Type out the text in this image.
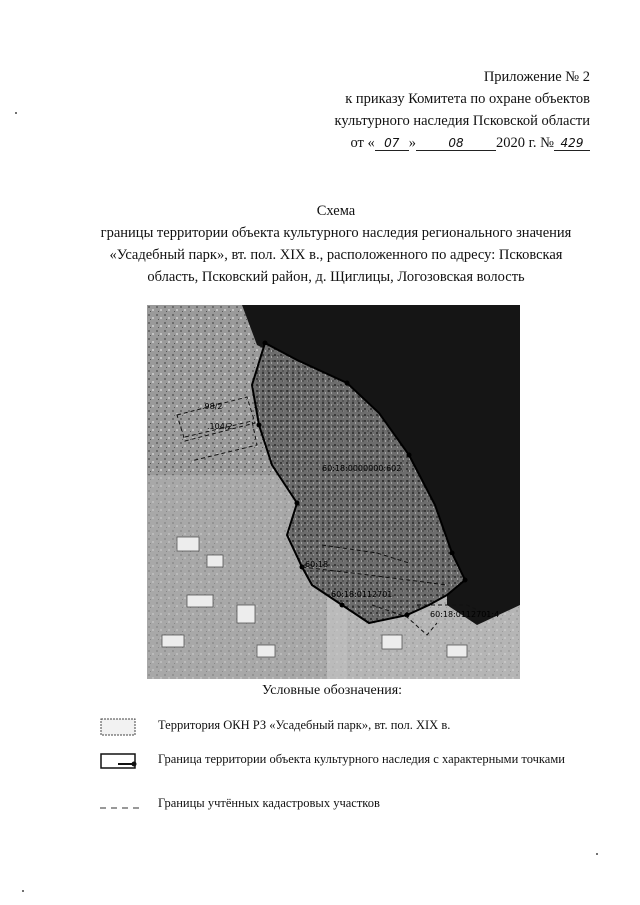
Приложение № 2
к приказу Комитета по охране объектов
культурного наследия Псковской области
от « 07 »	08 2020 г. № 429
Схема
границы территории объекта культурного наследия регионального значения «Усадебный парк», вт. пол. XIX в., расположенного по адресу: Псковская область, Псковский район, д. Щиглицы, Логозовская волость
.98/2
.104/2
60:18:0000000:602
60:18:0112701
60:18:0112701:4
60:18
Условные обозначения:
Территория ОКН РЗ «Усадебный парк», вт. пол. XIX в.
Граница территории объекта культурного наследия с характерными точками
Границы учтённых кадастровых участков
